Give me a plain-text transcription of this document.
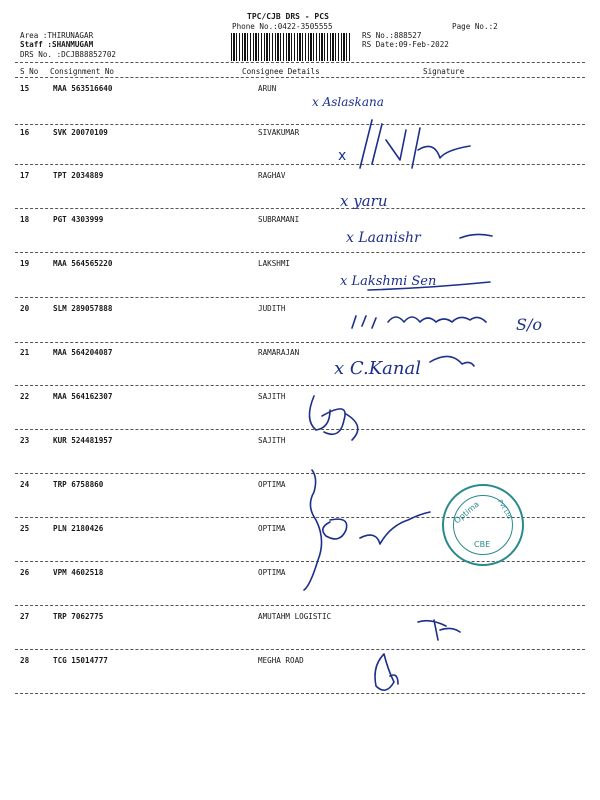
TPC/CJB DRS - PCS
Phone No.:0422-3505555	Page No.:2
Area :THIRUNAGAR
Staff :SHANMUGAM
DRS No. :DCJB88852702
RS No.:888527
RS Date:09-Feb-2022
S No Consignment No	Consignee Details	Signature
15	MAA 563516640	ARUN
16	SVK 20070109	SIVAKUMAR
17	TPT 2034889	RAGHAV
18	PGT 4303999	SUBRAMANI
19	MAA 564565220	LAKSHMI
20	SLM 289057888	JUDITH
21	MAA 564204087	RAMARAJAN
22	MAA 564162307	SAJITH
23	KUR 524481957	SAJITH
24	TRP 6758860	OPTIMA
25	PLN 2180426	OPTIMA
26	VPM 4602518	OPTIMA
27	TRP 7062775	AMUTAHM LOGISTIC
28	TCG 15014777	MEGHA ROAD
x Aslaskana
x
x yaru
x Laanishr
x Lakshmi Sen
S/o
x C.Kanal
Optima	Pvt Ltd
CBE
